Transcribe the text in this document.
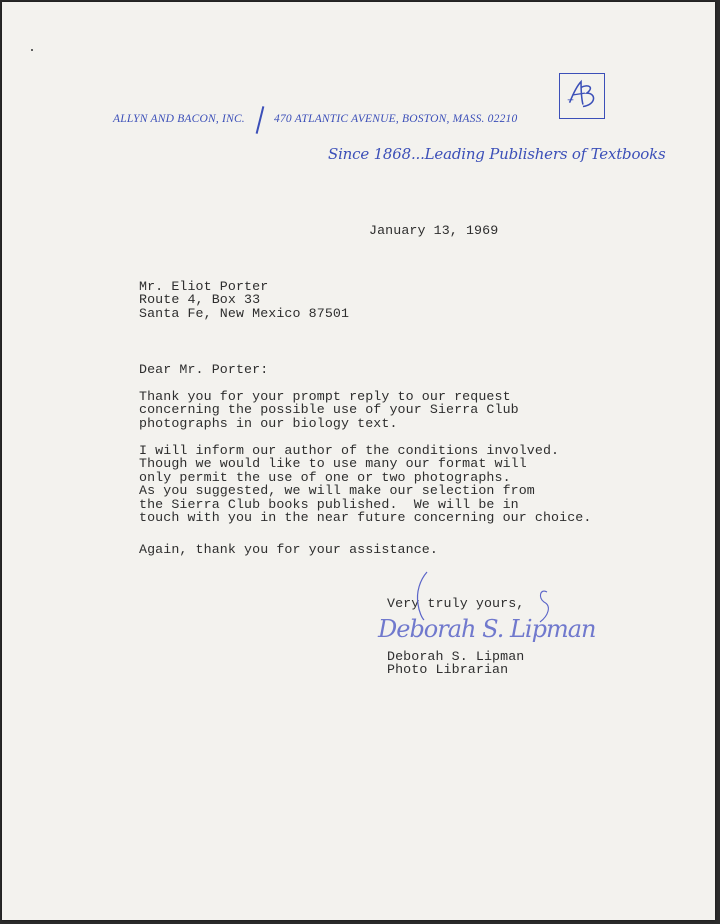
ALLYN AND BACON, INC.	470 ATLANTIC AVENUE, BOSTON, MASS. 02210
Since 1868...Leading Publishers of Textbooks
January 13, 1969
Mr. Eliot Porter
Route 4, Box 33
Santa Fe, New Mexico 87501
Dear Mr. Porter:
Thank you for your prompt reply to our request
concerning the possible use of your Sierra Club
photographs in our biology text.
I will inform our author of the conditions involved.
Though we would like to use many our format will
only permit the use of one or two photographs.
As you suggested, we will make our selection from
the Sierra Club books published.  We will be in
touch with you in the near future concerning our choice.
Again, thank you for your assistance.
Very truly yours,
Deborah S. Lipman
Deborah S. Lipman
Photo Librarian
